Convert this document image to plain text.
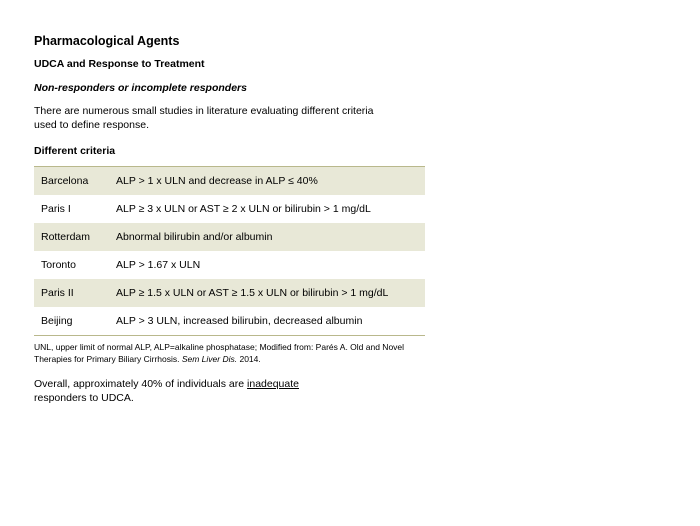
Pharmacological Agents

UDCA and Response to Treatment

Non-responders or incomplete responders

There are numerous small studies in literature evaluating different criteria used to define response.

Different criteria

Barcelona	ALP > 1 x ULN and decrease in ALP ≤ 40%
Paris I	ALP ≥ 3 x ULN or AST ≥ 2 x ULN or bilirubin > 1 mg/dL
Rotterdam	Abnormal bilirubin and/or albumin
Toronto	ALP > 1.67 x ULN
Paris II	ALP ≥ 1.5 x ULN or AST ≥ 1.5 x ULN or bilirubin > 1 mg/dL
Beijing	ALP > 3 ULN, increased bilirubin, decreased albumin

UNL, upper limit of normal ALP, ALP=alkaline phosphatase; Modified from: Parés A. Old and Novel Therapies for Primary Biliary Cirrhosis. Sem Liver Dis. 2014.

Overall, approximately 40% of individuals are inadequate responders to UDCA.
